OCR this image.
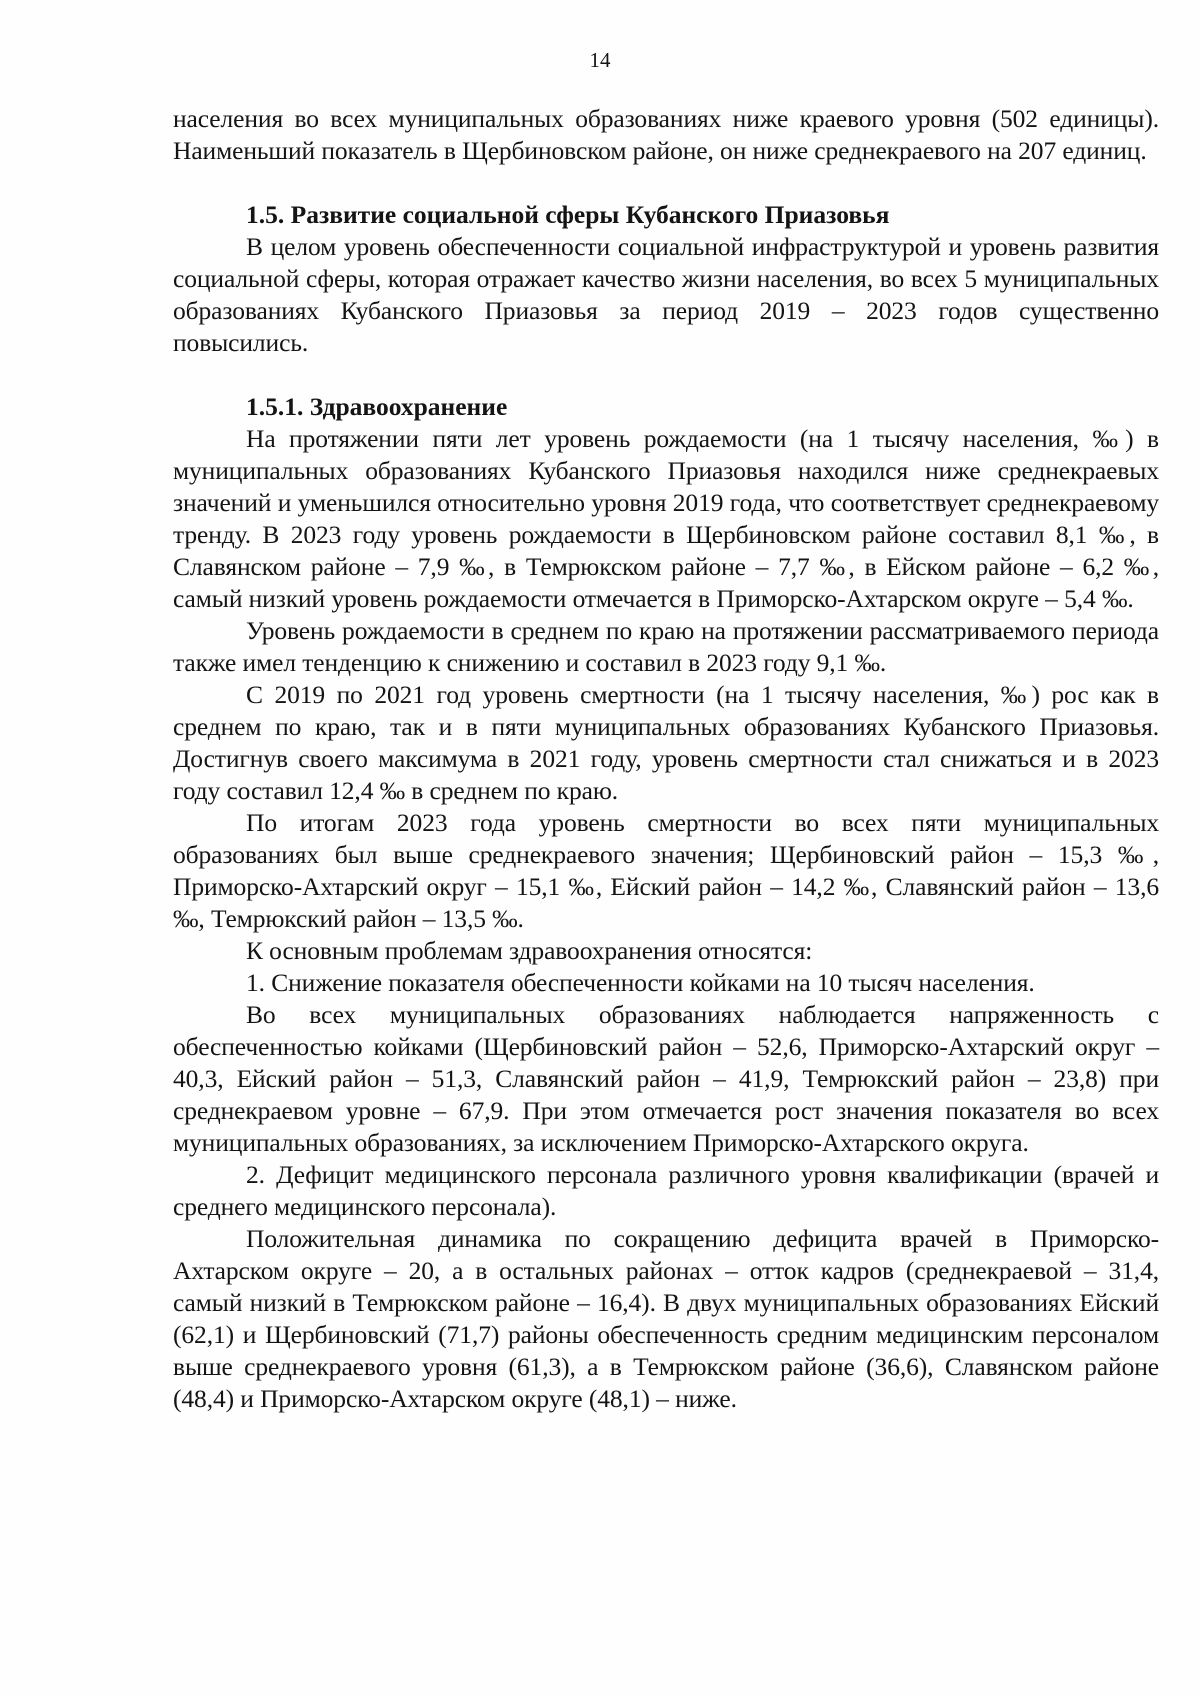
14

населения во всех муниципальных образованиях ниже краевого уровня (502 единицы). Наименьший показатель в Щербиновском районе, он ниже среднекраевого на 207 единиц.

1.5. Развитие социальной сферы Кубанского Приазовья

В целом уровень обеспеченности социальной инфраструктурой и уровень развития социальной сферы, которая отражает качество жизни населения, во всех 5 муниципальных образованиях Кубанского Приазовья за период 2019 – 2023 годов существенно повысились.

1.5.1. Здравоохранение

На протяжении пяти лет уровень рождаемости (на 1 тысячу населения, ‰) в муниципальных образованиях Кубанского Приазовья находился ниже среднекраевых значений и уменьшился относительно уровня 2019 года, что соответствует среднекраевому тренду. В 2023 году уровень рождаемости в Щербиновском районе составил 8,1 ‰, в Славянском районе – 7,9 ‰, в Темрюкском районе – 7,7 ‰, в Ейском районе – 6,2 ‰, самый низкий уровень рождаемости отмечается в Приморско-Ахтарском округе – 5,4 ‰.

Уровень рождаемости в среднем по краю на протяжении рассматриваемого периода также имел тенденцию к снижению и составил в 2023 году 9,1 ‰.

С 2019 по 2021 год уровень смертности (на 1 тысячу населения, ‰) рос как в среднем по краю, так и в пяти муниципальных образованиях Кубанского Приазовья. Достигнув своего максимума в 2021 году, уровень смертности стал снижаться и в 2023 году составил 12,4 ‰ в среднем по краю.

По итогам 2023 года уровень смертности во всех пяти муниципальных образованиях был выше среднекраевого значения; Щербиновский район – 15,3 ‰, Приморско-Ахтарский округ – 15,1 ‰, Ейский район – 14,2 ‰, Славянский район – 13,6 ‰, Темрюкский район – 13,5 ‰.

К основным проблемам здравоохранения относятся:

1. Снижение показателя обеспеченности койками на 10 тысяч населения.

Во всех муниципальных образованиях наблюдается напряженность с обеспеченностью койками (Щербиновский район – 52,6, Приморско-Ахтарский округ – 40,3, Ейский район – 51,3, Славянский район – 41,9, Темрюкский район – 23,8) при среднекраевом уровне – 67,9. При этом отмечается рост значения показателя во всех муниципальных образованиях, за исключением Приморско-Ахтарского округа.

2. Дефицит медицинского персонала различного уровня квалификации (врачей и среднего медицинского персонала).

Положительная динамика по сокращению дефицита врачей в Приморско-Ахтарском округе – 20, а в остальных районах – отток кадров (среднекраевой – 31,4, самый низкий в Темрюкском районе – 16,4). В двух муниципальных образованиях Ейский (62,1) и Щербиновский (71,7) районы обеспеченность средним медицинским персоналом выше среднекраевого уровня (61,3), а в Темрюкском районе (36,6), Славянском районе (48,4) и Приморско-Ахтарском округе (48,1) – ниже.
